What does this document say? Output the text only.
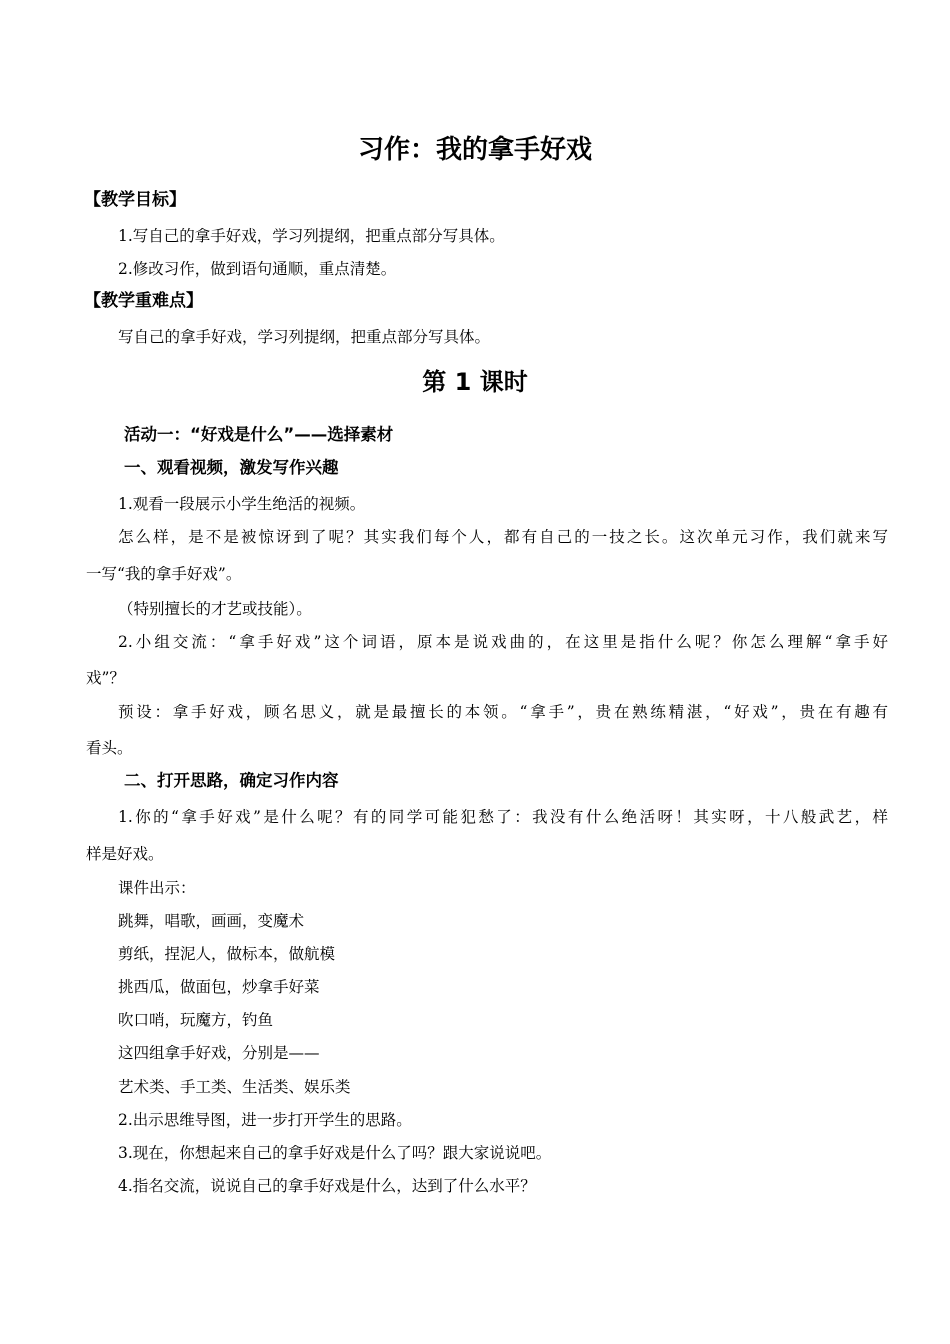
习作：我的拿手好戏
【教学目标】
1.写自己的拿手好戏，学习列提纲，把重点部分写具体。
2.修改习作，做到语句通顺，重点清楚。
【教学重难点】
写自己的拿手好戏，学习列提纲，把重点部分写具体。
第 1 课时
活动一：“好戏是什么”——选择素材
一、观看视频，激发写作兴趣
1.观看一段展示小学生绝活的视频。
怎么样，是不是被惊讶到了呢？其实我们每个人，都有自己的一技之长。这次单元习作，我们就来写
一写“我的拿手好戏”。
（特别擅长的才艺或技能）。
2.小组交流：“拿手好戏”这个词语，原本是说戏曲的，在这里是指什么呢？你怎么理解“拿手好
戏”？
预设：拿手好戏，顾名思义，就是最擅长的本领。“拿手”，贵在熟练精湛，“好戏”，贵在有趣有
看头。
二、打开思路，确定习作内容
1.你的“拿手好戏”是什么呢？有的同学可能犯愁了：我没有什么绝活呀！其实呀，十八般武艺，样
样是好戏。
课件出示：
跳舞，唱歌，画画，变魔术
剪纸，捏泥人，做标本，做航模
挑西瓜，做面包，炒拿手好菜
吹口哨，玩魔方，钓鱼
这四组拿手好戏，分别是——
艺术类、手工类、生活类、娱乐类
2.出示思维导图，进一步打开学生的思路。
3.现在，你想起来自己的拿手好戏是什么了吗？跟大家说说吧。
4.指名交流，说说自己的拿手好戏是什么，达到了什么水平？
